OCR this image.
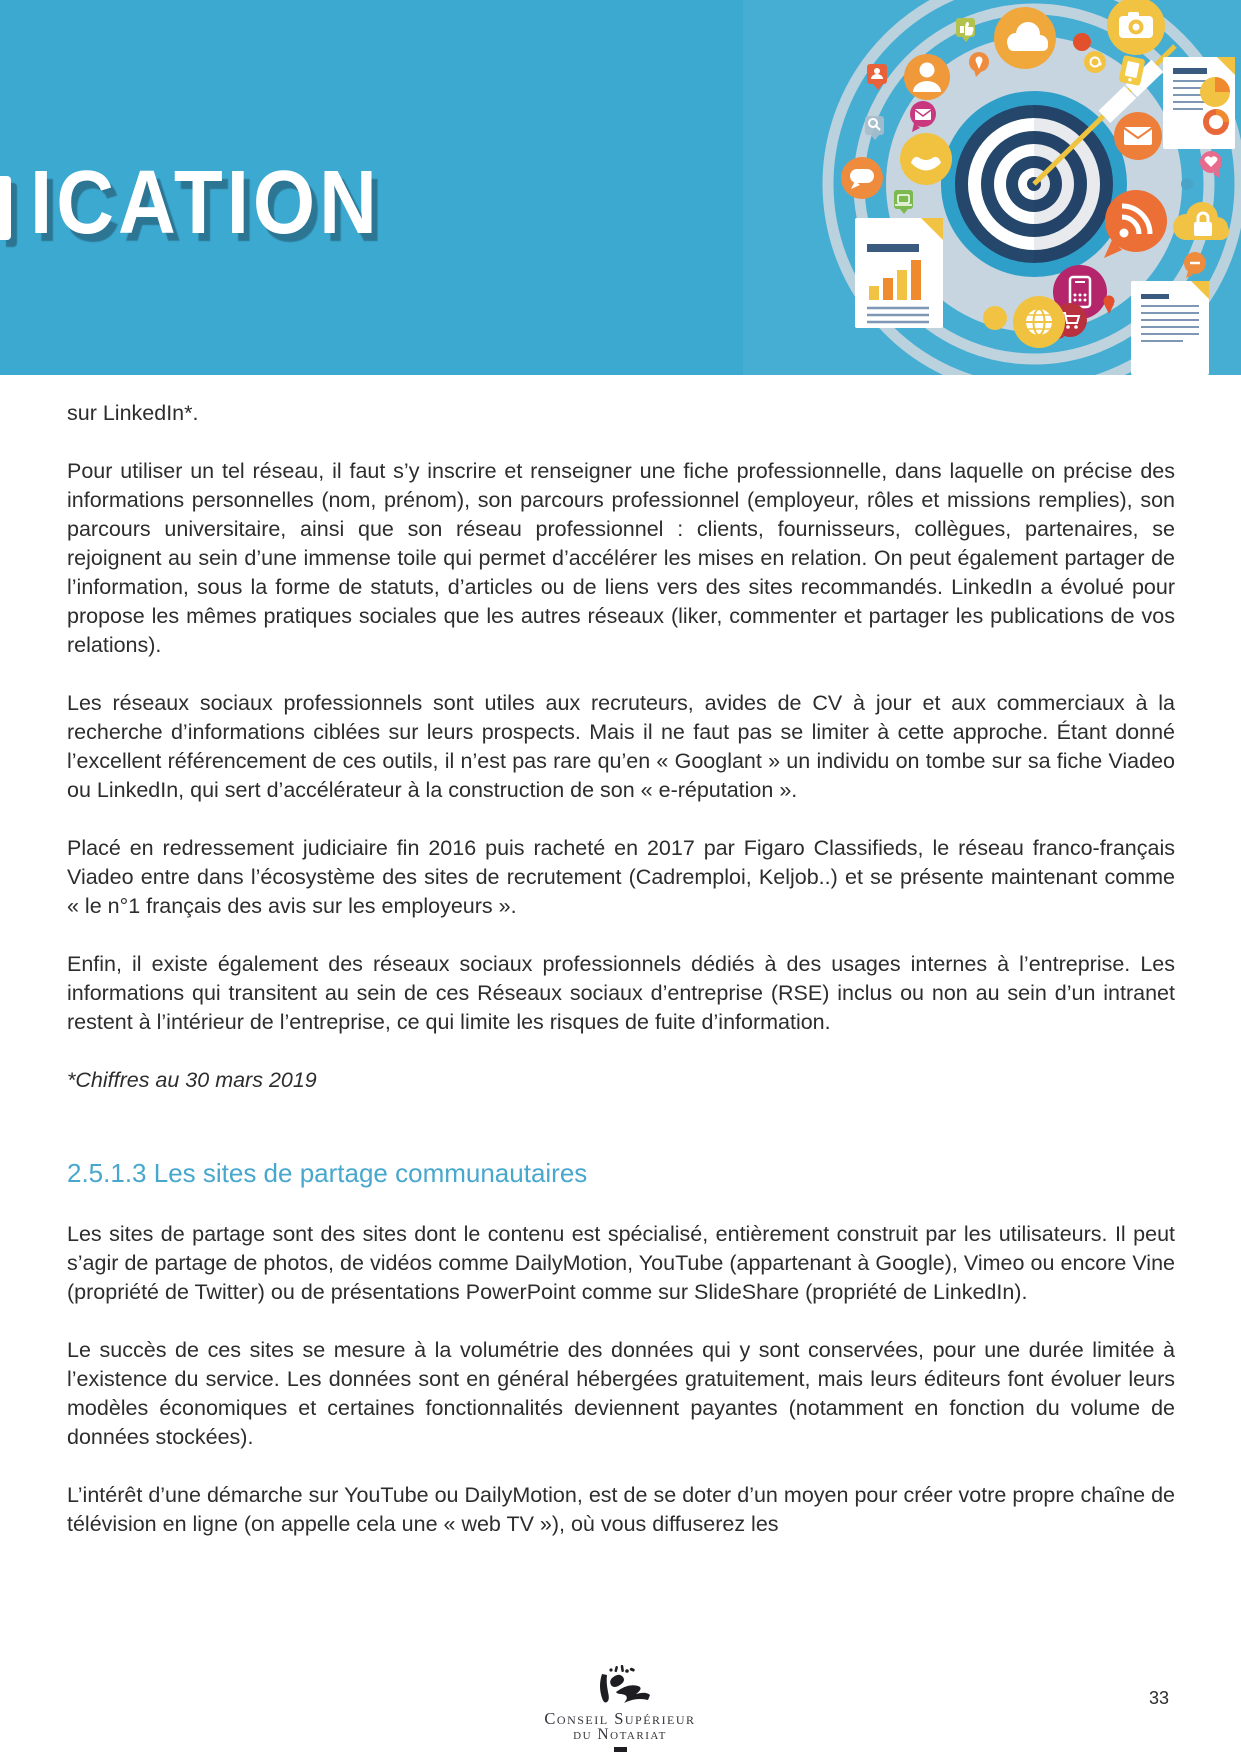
ICATION

sur LinkedIn*.

Pour utiliser un tel réseau, il faut s’y inscrire et renseigner une fiche professionnelle, dans laquelle on précise des informations personnelles (nom, prénom), son parcours professionnel (employeur, rôles et missions remplies), son parcours universitaire, ainsi que son réseau professionnel : clients, fournisseurs, collègues, partenaires, se rejoignent au sein d’une immense toile qui permet d’accélérer les mises en relation. On peut également partager de l’information, sous la forme de statuts, d’articles ou de liens vers des sites recommandés. LinkedIn a évolué pour propose les mêmes pratiques sociales que les autres réseaux (liker, commenter et partager les publications de vos relations).

Les réseaux sociaux professionnels sont utiles aux recruteurs, avides de CV à jour et aux commerciaux à la recherche d’informations ciblées sur leurs prospects. Mais il ne faut pas se limiter à cette approche. Étant donné l’excellent référencement de ces outils, il n’est pas rare qu’en « Googlant » un individu on tombe sur sa fiche Viadeo ou LinkedIn, qui sert d’accélérateur à la construction de son « e-réputation ».

Placé en redressement judiciaire fin 2016 puis racheté en 2017 par Figaro Classifieds, le réseau franco-français Viadeo entre dans l’écosystème des sites de recrutement (Cadremploi, Keljob..) et se présente maintenant comme « le n°1 français des avis sur les employeurs ».

Enfin, il existe également des réseaux sociaux professionnels dédiés à des usages internes à l’entreprise. Les informations qui transitent au sein de ces Réseaux sociaux d’entreprise (RSE) inclus ou non au sein d’un intranet restent à l’intérieur de l’entreprise, ce qui limite les risques de fuite d’information.

*Chiffres au 30 mars 2019

2.5.1.3 Les sites de partage communautaires

Les sites de partage sont des sites dont le contenu est spécialisé, entièrement construit par les utilisateurs. Il peut s’agir de partage de photos, de vidéos comme DailyMotion, YouTube (appartenant à Google), Vimeo ou encore Vine (propriété de Twitter) ou de présentations PowerPoint comme sur SlideShare (propriété de LinkedIn).

Le succès de ces sites se mesure à la volumétrie des données qui y sont conservées, pour une durée limitée à l’existence du service. Les données sont en général hébergées gratuitement, mais leurs éditeurs font évoluer leurs modèles économiques et certaines fonctionnalités deviennent payantes (notamment en fonction du volume de données stockées).

L’intérêt d’une démarche sur YouTube ou DailyMotion, est de se doter d’un moyen pour créer votre propre chaîne de télévision en ligne (on appelle cela une « web TV »), où vous diffuserez les

Conseil Supérieur
du Notariat
33
